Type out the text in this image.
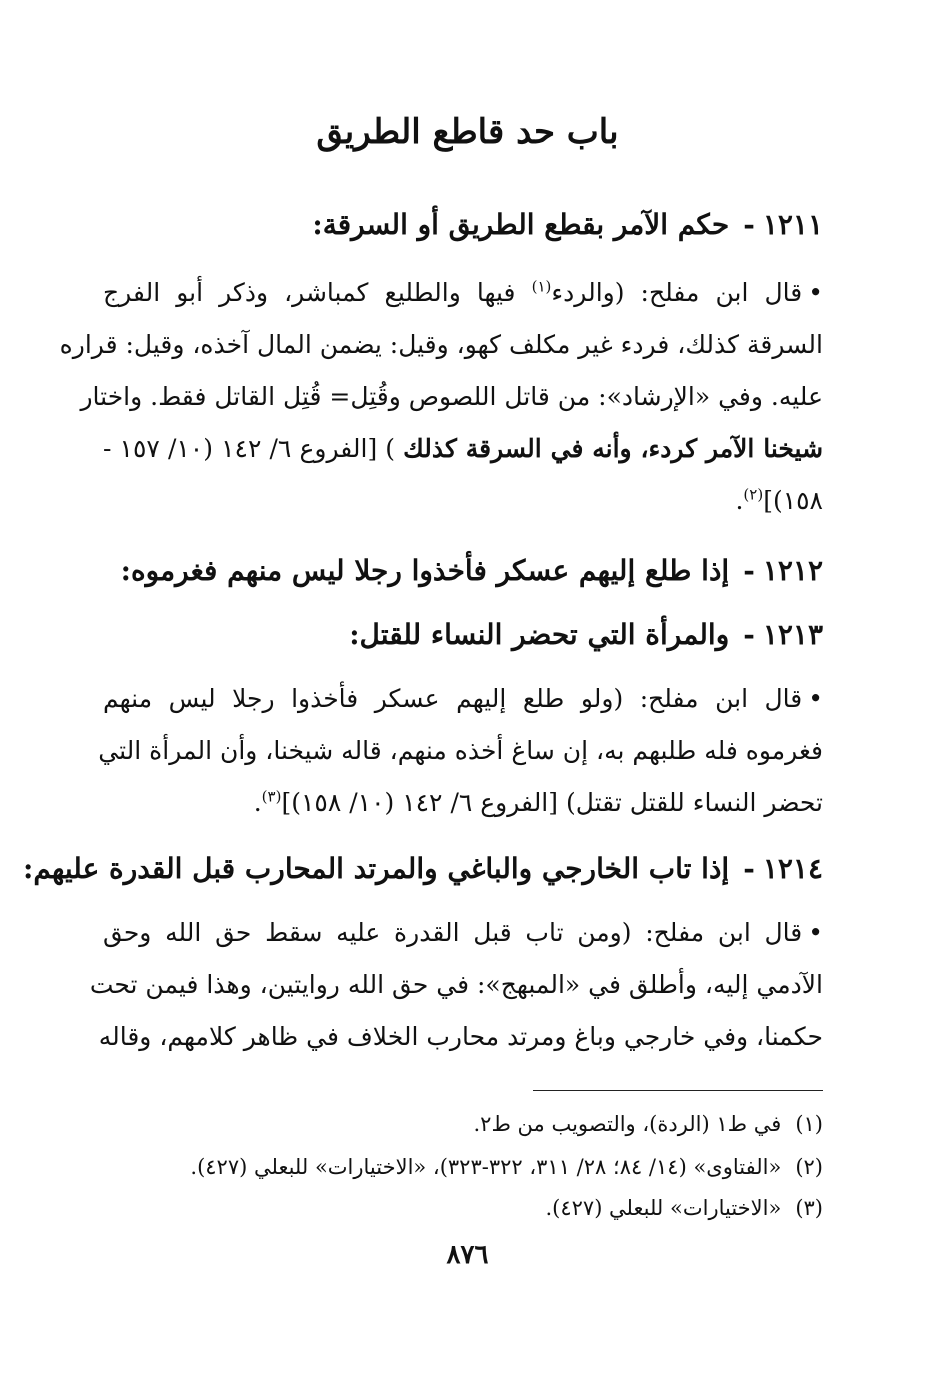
باب حد قاطع الطريق
١٢١١-حكم الآمر بقطع الطريق أو السرقة:
•قال ابن مفلح: (والردء$^{(١)}$ فيها والطليع كمباشر، وذكر أبو الفرج
السرقة كذلك، فردء غير مكلف كهو، وقيل: يضمن المال آخذه، وقيل: قراره
عليه. وفي «الإرشاد»: من قاتل اللصوص وقُتِل= قُتِل القاتل فقط. واختار
شيخنا الآمر كردء، وأنه في السرقة كذلك ) [الفروع ٦/ ١٤٢ (١٠/ ١٥٧ -
١٥٨)]$^{(٢)}$.
١٢١٢-إذا طلع إليهم عسكر فأخذوا رجلا ليس منهم فغرموه:
١٢١٣-والمرأة التي تحضر النساء للقتل:
•قال ابن مفلح: (ولو طلع إليهم عسكر فأخذوا رجلا ليس منهم
فغرموه فله طلبهم به، إن ساغ أخذه منهم، قاله شيخنا، وأن المرأة التي
تحضر النساء للقتل تقتل) [الفروع ٦/ ١٤٢ (١٠/ ١٥٨)]$^{(٣)}$.
١٢١٤-إذا تاب الخارجي والباغي والمرتد المحارب قبل القدرة عليهم:
•قال ابن مفلح: (ومن تاب قبل القدرة عليه سقط حق الله وحق
الآدمي إليه، وأطلق في «المبهج»: في حق الله روايتين، وهذا فيمن تحت
حكمنا، وفي خارجي وباغ ومرتد محارب الخلاف في ظاهر كلامهم، وقاله
(١)في ط١ (الردة)، والتصويب من ط٢.
(٢)«الفتاوى» (١٤/ ٨٤؛ ٢٨/ ٣١١، ٣٢٢-٣٢٣)، «الاختيارات» للبعلي (٤٢٧).
(٣)«الاختيارات» للبعلي (٤٢٧).
٨٧٦
